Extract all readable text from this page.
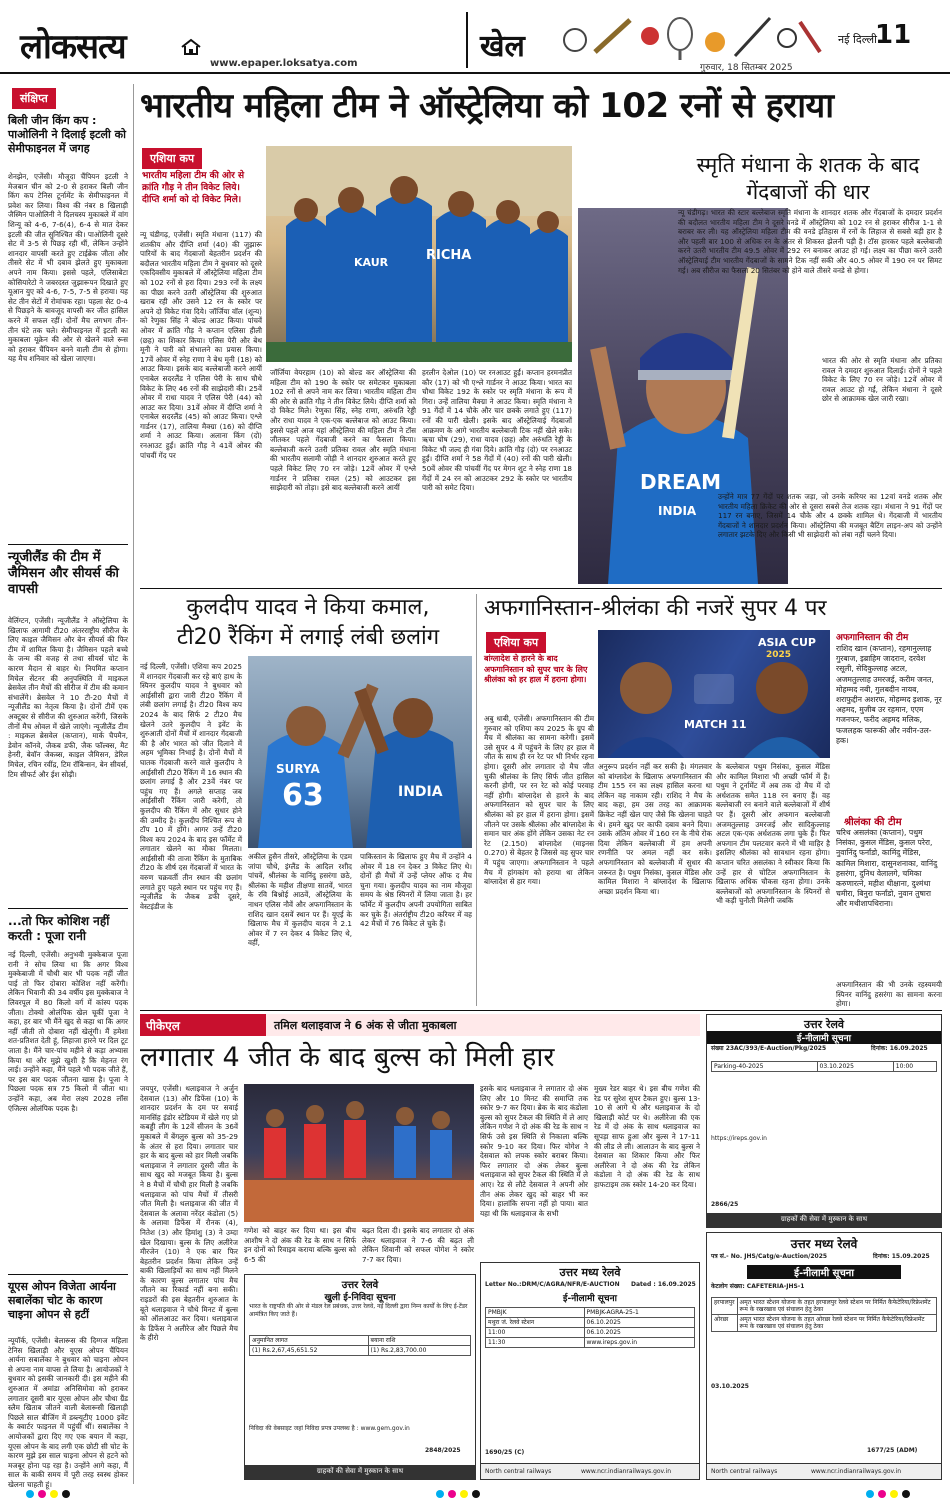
लोकसत्य	www.epaper.loksatya.com	खेल	नई दिल्ली
11
गुरुवार, 18 सितम्बर 2025
संक्षिप्त
बिली जीन किंग कप : पाओलिनी ने दिलाई इटली को सेमीफाइनल में जगह
शेनझेन, एजेंसी। मौजूदा चैंपियन इटली ने मेजबान चीन को 2-0 से हराकर बिली जीन किंग कप टेनिस टूर्नामेंट के सेमीफाइनल में प्रवेश कर लिया। विश्व की नंबर 8 खिलाड़ी जैस्मिन पाओलिनी ने दिलचस्प मुकाबले में वांग शिन्यू को 4-6, 7-6(4), 6-4 से मात देकर इटली की जीत सुनिश्चित की। पाओलिनी दूसरे सेट में 3-5 से पिछड़ रही थीं, लेकिन उन्होंने शानदार वापसी करते हुए टाईब्रेक जीता और तीसरे सेट में भी दबाव झेलते हुए मुकाबला अपने नाम किया। इससे पहले, एलिसाबेटा कोसियारेटो ने जबरदस्त जुझारूपन दिखाते हुए यूआन युए को 4-6, 7-5, 7-5 से हराया। यह सेट तीन सेटों में रोमांचक रहा। पहला सेट 0-4 से पिछड़ने के बावजूद वापसी कर जीत हासिल करने में सफल रहीं। दोनों मैच लगभग तीन-तीन घंटे तक चले। सेमीफाइनल में इटली का मुकाबला यूक्रेन की ओर से खेलने वाले रूस को हराकर चैंपियन बनने वाली टीम से होगा। यह मैच शनिवार को खेला जाएगा।
न्यूजीलैंड की टीम में जैमिसन और सीयर्स की वापसी
वेलिंग्टन, एजेंसी। न्यूजीलैंड ने ऑस्ट्रेलिया के खिलाफ आगामी टी20 अंतरराष्ट्रीय सीरीज के लिए काइल जैमिसन और बेन सीयर्स की फिर टीम में शामिल किया है। जैमिसन पहले बच्चे के जन्म की वजह से तथा सीयर्स चोट के कारण मैदान से बाहर थे। नियमित कप्तान मिचेल सेंटनर की अनुपस्थिति में माइकल ब्रेसवेल तीन मैचों की सीरीज में टीम की कमान संभालेंगे। ब्रेसवेल ने 10 टी-20 मैचों में न्यूजीलैंड का नेतृत्व किया है। दोनों टीमें एक अक्टूबर से सीरीज की शुरुआत करेंगी, जिसके तीनों मैच ओवल में खेले जाएंगे। न्यूजीलैंड टीम : माइकल ब्रेसवेल (कप्तान), मार्क चैपमैन, डेवोन कॉनवे, जैकब डफी, जैक फॉल्क्स, मैट हेनरी, बेवॉन जैकब्स, काइल जैमिसन, डेरिल मिचेल, रचिन रवींद्र, टिम रॉबिन्सन, बेन सीयर्स, टिम सीफर्ट और ईश सोढ़ी।
...तो फिर कोशिश नहीं करती : पूजा रानी
नई दिल्ली, एजेंसी। अनुभवी मुक्केबाज पूजा रानी ने सोच लिया था कि अगर विश्व मुक्केबाजी में चौथी बार भी पदक नहीं जीत पाई तो फिर दोबारा कोशिश नहीं करेंगी। लेकिन भिवानी की 34 वर्षीय इस मुक्केबाज ने लिवरपूल में 80 किलो वर्ग में कांस्य पदक जीता। टोक्यो ओलंपिक खेल चूकीं पूजा ने कहा, हर बार भी मैंने खुद से कहा था कि अगर नहीं जीती तो दोबारा नहीं खेलूंगी। मैं हमेशा शत-प्रतिशत देती हूं, लिहाजा हारने पर दिल टूट जाता है। मैंने चार-पांच महीने से कड़ा अभ्यास किया था और मुझे खुशी है कि मेहनत रंग लाई। उन्होंने कहा, मैंने पहले भी पदक जीते हैं, पर इस बार पदक जीतना खास है। पूजा ने पिछला पदक सत्र 75 किलो में जीता था। उन्होंने कहा, अब मेरा लक्ष्य 2028 लॉस एंजिल्स ओलंपिक पदक है।
यूएस ओपन विजेता आर्यना सबालेंका चोट के कारण चाइना ओपन से हटीं
न्यूयॉर्क, एजेंसी। बेलारूस की दिग्गज महिला टेनिस खिलाड़ी और यूएस ओपन चैंपियन आर्यना सबालेंका ने बुधवार को चाइना ओपन से अपना नाम वापस ले लिया है। आयोजकों ने बुधवार को इसकी जानकारी दी। इस महीने की शुरुआत में अमांडा अनिसिमोवा को हराकर लगातार दूसरी बार यूएस ओपन और चौथा ग्रैंड स्लैम खिताब जीतने वाली बेलारूसी खिलाड़ी पिछले साल बीजिंग में डब्ल्यूटीए 1000 इवेंट के क्वार्टर फाइनल में पहुंचीं थीं। सबालेंका ने आयोजकों द्वारा दिए गए एक बयान में कहा, यूएस ओपन के बाद लगी एक छोटी सी चोट के कारण मुझे इस साल चाइना ओपन से हटने को मजबूर होना पड़ रहा है। उन्होंने आगे कहा, मैं साल के बाकी समय में पूरी तरह स्वस्थ होकर खेलना चाहती हूं।
भारतीय महिला टीम ने ऑस्ट्रेलिया को 102 रनों से हराया
एशिया कप
भारतीय महिला टीम की ओर से क्रांति गौड़ ने तीन विकेट लिये। दीप्ति शर्मा को दो विकेट मिले।
KAUR	RICHA
न्यू चंडीगढ़, एजेंसी। स्मृति मंधाना (117) की शतकीय और दीप्ति शर्मा (40) की जुझारू पारियों के बाद गेंदबाजों बेहतरीन प्रदर्शन की बदौलत भारतीय महिला टीम ने बुधवार को दूसरे एकदिवसीय मुकाबले में ऑस्ट्रेलिया महिला टीम को 102 रनों से हरा दिया। 293 रनों के लक्ष्य का पीछा करने उतरी ऑस्ट्रेलिया की शुरुआत खराब रही और उसने 12 रन के स्कोर पर अपने दो विकेट गंवा दिये। जॉर्जिया वॉल (शून्य) को रेणुका सिंह ने बोल्ड आउट किया। पांचवें ओवर में क्रांति गौड़ ने कप्तान एलिसा हीली (छह) का शिकार किया। एलिस पेरी और बेथ मूनी ने पारी को संभालने का प्रयास किया। 17वें ओवर में स्नेह राणा ने बेथ मूनी (18) को आउट किया। इसके बाद बल्लेबाजी करने आयीं एनाबेल सदरलैंड ने एलिस पेरी के साथ चौथे विकेट के लिए 46 रनों की साझेदारी की। 25वें ओवर में राधा यादव ने एलिस पेरी (44) को आउट कर दिया। 31वें ओवर में दीप्ति शर्मा ने एनाबेल सदरलैंड (45) को आउट किया। एश्ले गार्डनर (17), तालिया मैक्ग्रा (16) को दीप्ति शर्मा ने आउट किया। अलाना किंग (दो) रनआउट हुईं। क्रांति गौड़ ने 41वें ओवर की पांचवीं गेंद पर
जॉर्जिया वेयरहाम (10) को बोल्ड कर ऑस्ट्रेलिया की महिला टीम को 190 के स्कोर पर समेटकर मुकाबला 102 रनों से अपने नाम कर लिया। भारतीय महिला टीम की ओर से क्रांति गौड़ ने तीन विकेट लिये। दीप्ति शर्मा को दो विकेट मिले। रेणुका सिंह, स्नेह राणा, अरुंधति रेड्डी और राधा यादव ने एक-एक बल्लेबाज को आउट किया। इससे पहले आज यहां ऑस्ट्रेलिया की महिला टीम ने टॉस जीतकर पहले गेंदबाजी करने का फैसला किया। बल्लेबाजी करने उतरी प्रतिका रावल और स्मृति मंधाना की भारतीय सलामी जोड़ी ने शानदार शुरुआत करते हुए पहले विकेट लिए 70 रन जोड़े। 12वें ओवर में एश्ले गार्डनर ने प्रतिका रावल (25) को आउटकर इस साझेदारी को तोड़ा। इसे बाद बल्लेबाजी करने आयीं
हरलीन देओल (10) पर रनआउट हुईं। कप्तान हरमनप्रीत कौर (17) को भी एश्ले गार्डनर ने आउट किया। भारत का चौथा विकेट 192 के स्कोर पर स्मृति मंधाना के रूप में गिरा। उन्हें तालिया मैक्ग्रा ने आउट किया। स्मृति मंधाना ने 91 गेंदों में 14 चौके और चार छक्के लगाते हुए (117) रनों की पारी खेली। इसके बाद ऑस्ट्रेलियाई गेंदबाजों आक्रमण के आगे भारतीय बल्लेबाजी टिक नहीं खेले सके। ऋचा घोष (29), राधा यादव (छह) और अरुंधति रेड्डी के विकेट भी जल्द ही गंवा दिये। क्रांति गौड़ (दो) पर रनआउट हुईं। दीप्ति शर्मा ने 58 गेंदों में (40) रनों की पारी खेली। 50वें ओवर की पांचवीं गेंद पर मेगन शुट ने स्नेह राणा 18 गेंदों में 24 रन को आउटकर 292 के स्कोर पर भारतीय पारी को समेट दिया।
स्मृति मंधाना के शतक के बाद गेंदबाजों की धार
DREAM
INDIA
न्यू चंडीगढ़। भारत की स्टार बल्लेबाज स्मृति मंधाना के शानदार शतक और गेंदबाजों के दमदार प्रदर्शन की बदौलत भारतीय महिला टीम ने दूसरे वनडे में ऑस्ट्रेलिया को 102 रन से हराकर सीरीज 1-1 से बराबर कर ली। यह ऑस्ट्रेलिया महिला टीम की वनडे इतिहास में रनों के लिहाज से सबसे बड़ी हार है और पहली बार 100 से अधिक रन के अंतर से शिकस्त झेलनी पड़ी है। टॉस हारकर पहले बल्लेबाजी करने उतरी भारतीय टीम 49.5 ओवर में 292 रन बनाकर आउट हो गई। लक्ष्य का पीछा करने उतरी ऑस्ट्रेलियाई टीम भारतीय गेंदबाजों के सामने टिक नहीं सकी और 40.5 ओवर में 190 रन पर सिमट गई। अब सीरीज का फैसला 20 सितंबर को होने वाले तीसरे वनडे से होगा।
भारत की ओर से स्मृति मंधाना और प्रतिका रावल ने दमदार शुरुआत दिलाई। दोनों ने पहले विकेट के लिए 70 रन जोड़े। 12वें ओवर में रावल आउट हो गईं, लेकिन मंधाना ने दूसरे छोर से आक्रामक खेल जारी रखा।
उन्होंने मात्र 77 गेंदों पर शतक जड़ा, जो उनके करियर का 12वां वनडे शतक और भारतीय महिला क्रिकेट की ओर से दूसरा सबसे तेज शतक रहा। मंधाना ने 91 गेंदों पर 117 रन बनाए, जिसमें 14 चौके और 4 छक्के शामिल थे। गेंदबाजी में भारतीय गेंदबाजों ने शानदार प्रदर्शन किया। ऑस्ट्रेलिया की मजबूत बैटिंग लाइन-अप को उन्होंने लगातार झटके दिए और किसी भी साझेदारी को लंबा नहीं चलने दिया।
कुलदीप यादव ने किया कमाल,
टी20 रैंकिंग में लगाई लंबी छलांग
SURYA
63	INDIA
नई दिल्ली, एजेंसी। एशिया कप 2025 में शानदार गेंदबाजी कर रहे बाएं हाथ के स्पिनर कुलदीप यादव ने बुधवार को आईसीसी द्वारा जारी टी20 रैंकिंग में लंबी छलांग लगाई है। टी20 विश्व कप 2024 के बाद सिर्फ 2 टी20 मैच खेलने उतरे कुलदीप ने इवेंट के शुरुआती दोनों मैचों में शानदार गेंदबाजी की है और भारत को जीत दिलाने में अहम भूमिका निभाई है। दोनों मैचों में घातक गेंदबाजी करने वाले कुलदीप ने आईसीसी टी20 रैंकिंग में 16 स्थान की छलांग लगाई है और 23वें नंबर पर पहुंच गए हैं। अगले सप्ताह जब आईसीसी रैंकिंग जारी करेगी, तो कुलदीप की रैंकिंग में और सुधार होने की उम्मीद है। कुलदीप निश्चित रूप से टॉप 10 में होंगे। आगर उन्हें टी20 विश्व कप 2024 के बाद इस फॉर्मेट में लगातार खेलने का मौका मिलता। आईसीसी की ताजा रैंकिंग के मुताबिक टी20 के शीर्ष दस गेंदबाजों में भारत के वरुण चक्रवर्ती तीन स्थान की छलांग लगाते हुए पहले स्थान पर पहुंच गए हैं। न्यूजीलैंड के जैकब डफी दूसरे, वेस्टइंडीज के
अकील हुसैन तीसरे, ऑस्ट्रेलिया के एडम जांपा चौथे, इंग्लैंड के आदिल रशीद पांचवें, श्रीलंका के वानिंदु हसरंगा छठे, श्रीलंका के महीश तीक्षणा सातवें, भारत के रवि बिश्नोई आठवें, ऑस्ट्रेलिया के नाथन एलिस नौवें और अफगानिस्तान के राशिद खान दसवें स्थान पर हैं। यूएई के खिलाफ मैच में कुलदीप यादव ने 2.1 ओवर में 7 रन देकर 4 विकेट लिए थे, वहीं,
पाकिस्तान के खिलाफ हुए मैच में उन्होंने 4 ओवर में 18 रन देकर 3 विकेट लिए थे। दोनों ही मैचों में उन्हें प्लेयर ऑफ द मैच चुना गया। कुलदीप यादव का नाम मौजूदा समय के श्रेष्ठ स्पिनरों में लिया जाता है। हर फॉर्मेट में कुलदीप अपनी उपयोगिता साबित कर चुके हैं। अंतर्राष्ट्रीय टी20 करियर में वह 42 मैचों में 76 विकेट ले चुके हैं।
अफगानिस्तान-श्रीलंका की नजरें सुपर 4 पर
एशिया कप
बांग्लादेश से हारने के बाद अफगानिस्तान को सुपर चार के लिए श्रीलंका को हर हाल में हराना होगा।
ASIA CUP
2025
MATCH 11
अबु धाबी, एजेंसी। अफगानिस्तान की टीम गुरुवार को एशिया कप 2025 के ग्रुप बी मैच में श्रीलंका का सामना करेगी। इसमें उसे सुपर 4 में पहुंचने के लिए हर हाल में जीत के साथ ही रन रेट पर भी निर्भर रहना होगा। दूसरी ओर लगातार दो मैच जीत चुकी श्रीलंका के लिए सिर्फ जीत हासिल करनी होगी, पर रन रेट को कोई परवाह नहीं होगी। बांग्लादेश से हारने के बाद अफगानिस्तान को सुपर चार के लिए श्रीलंका को हर हाल में हराना होगा। इसमें जीतने पर उसके श्रीलंका और बांग्लादेश के समान चार अंक होंगे लेकिन उसका नेट रन रेट (2.150) बांग्लादेश (माइनस 0.270) से बेहतर है जिससे वह सुपर चार में पहुंच जाएगा। अफगानिस्तान ने पहले मैच में हांगकांग को हराया था लेकिन बांग्लादेश से हार गया।
अनुरूप प्रदर्शन नहीं कर सकी है। मंगलवार को बांग्लादेश के खिलाफ अफगानिस्तान की टीम 155 रन का लक्ष्य हासिल करना था लेकिन वह नाकाम रही। राशिद ने मैच के बाद कहा, हम उस तरह का आक्रामक क्रिकेट नहीं खेल पाए जैसे कि खेलना चाहते थे। हमने खुद पर काफी दबाव बनने दिया। उसके अंतिम ओवर में 160 रन के नीचे रोक दिया लेकिन बल्लेबाजी में हम अपनी रणनीति पर अमल नहीं कर सके। अफगानिस्तान को बल्लेबाजी में सुधार की जरूरत है। पथुम निसंका, कुसल मेंडिस और कामिल मिशारा ने बांग्लादेश के खिलाफ अच्छा प्रदर्शन किया था।
के बल्लेबाज पथुम निसंका, कुसल मेंडिस और कामिल मिशारा भी अच्छी फॉर्म में हैं। पथुम ने टूर्नामेंट में अब तक दो मैच में दो अर्धशतक समेत 118 रन बनाए हैं। वह बल्लेबाजी रन बनाने वाले बल्लेबाजों में शीर्ष पर हैं। दूसरी ओर अफगान बल्लेबाजी अजमतुल्लाह उमरजई और सादिकुल्लाह अटल एक-एक अर्धशतक लगा चुके हैं। फिर अफगान टीम पलटवार करने में भी माहिर है इसलिए श्रीलंका को सावधान रहना होगा। कप्तान चरित असलंका ने स्वीकार किया कि उन्हें हार से चोटिल अफगानिस्तान के खिलाफ अधिक चौकस रहना होगा। उनके बल्लेबाजों को अफगानिस्तान के स्पिनरों से भी कड़ी चुनौती मिलेगी जबकि
अफगानिस्तान की टीम
राशिद खान (कप्तान), रहमानुल्लाह गुरबाज, इब्राहिम जादरान, दरवेश रसूली, सेदिकुल्लाह अटल, अजमतुल्लाह उमरजई, करीम जनत, मोहम्मद नबी, गुलबदीन नायब, शराफुद्दीन अशरफ, मोहम्मद इशाक, नूर अहमद, मुजीब उर रहमान, एएम गजनफर, फरीद अहमद मलिक, फजलहक फारूकी और नवीन-उल-हक।
श्रीलंका की टीम
चरिथ असलंका (कप्तान), पथुम निसंका, कुसल मेंडिस, कुसल परेरा, नुवानिंदु फर्नांडो, कामिंदु मेंडिस, कामिल मिशारा, दासुनशनाका, वानिंदु हसरंगा, दुनिथ वेलालगे, चमिका करुणारत्ने, महीश थीक्षाना, दुश्मंथा चमीरा, बिनुरा फर्नांडो, नुवान तुषारा और मथीशापथिराना।
अफगानिस्तान की भी उनके रहस्यमयी स्पिनर वानिंदु हसरंगा का सामना करना होगा।
पीकेएल	तमिल थलाइवाज ने 6 अंक से जीता मुकाबला
लगातार 4 जीत के बाद बुल्स को मिली हार
जयपुर, एजेंसी। थलाइवाज ने अर्जुन देसवाल (13) और डिफेंस (10) के शानदार प्रदर्शन के दम पर सवाई मानसिंह इंडोर स्टेडियम में खेले गए प्रो कबड्डी लीग के 12वें सीजन के 36वें मुकाबले में बेंगलुरु बुल्स को 35-29 के अंतर से हरा दिया। लगातार चार हार के बाद बुल्स को हार मिली जबकि थलाइवाज ने लगातार दूसरी जीत के साथ खुद को मजबूत किया है। बुल्स ने 8 मैचों में चौथी हार मिली है जबकि थलाइवाज को पांच मैचों में तीसरी जीत मिली है। थलाइवाज की जीत में देसवाल के अलावा नरेंदर कंडोला (5) के अलावा डिफेंस में रौनक (4), नितेश (3) और हिमांशु (3) ने उम्दा खेल दिखाया। बुल्स के लिए अलीरेज मीरजेन (10) ने एक बार फिर बेहतरीन प्रदर्शन किया लेकिन उन्हें बाकी खिलाड़ियों का साथ नहीं मिलने के कारण बुल्स लगातार पांच मैच जीतने का रिकार्ड नहीं बना सकी। राइडरों की इस बेहतरीन शुरुआत के बूते थलाइवाज ने चौथे मिनट में बुल्स को ऑलआउट कर दिया। थलाइवाज के डिफेंस ने अलीरेज और पिछले मैच के हीरो
गणेश को बाहर कर दिया था। इस बीच आशीष ने दो अंक की रेड के साथ न सिर्फ इन दोनों को रिवाइव कराया बल्कि बुल्स को 6-5 की
बढ़त दिला दी। इसके बाद लगातार दो अंक लेकर थलाइवाज ने 7-6 की बढ़त ली लेकिन शिवानी को सफल योगेश ने स्कोर 7-7 कर दिया।
इसके बाद थलाइवाज ने लगातार दो अंक लिए और 10 मिनट की समाप्ति तक स्कोर 9-7 कर दिया। ब्रेक के बाद कंडोला बुल्स को सुपर टैकल की स्थिति में ले आए लेकिन गणेश ने दो अंक की रेड के साथ न सिर्फ उसे इस स्थिति से निकाला बल्कि स्कोर 9-10 कर दिया। फिर योगेश ने देसवाल को लपक स्कोर बराबर किया। फिर लगातार दो अंक लेकर बुल्स थलाइवाज को सुपर टैकल की स्थिति में ले आए। रेड से लौटे देसवाल ने अपनी ओर तीन अंक लेकर खुद को बाहर भी कर दिया। हालांकि सपना नहीं हो पाया। बात यहा थी कि थलाइवाज के सभी
मुख्य रेडर बाहर थे। इस बीच गणेश की रेड पर सुरेश सुपर टैकल हुए। बुल्स 13-10 से आगे थे और थलाइवाज के दो खिलाड़ी कोर्ट पर थे। अलीरेजा की एक रेड में दो अंक के साथ थलाइवाज का सूपड़ा साफ हुआ और बुल्स ने 17-11 की लीड ले ली। आलाउन के बाद बुल्स ने देसवाल का शिकार किया और फिर अलीरेजा ने दो अंक की रेड लेकिन कंडोला ने दो अंक की रेड के साथ हाफटाइम तक स्कोर 14-20 कर दिया।
उत्तर रेलवे
खुली ई-निविदा सूचना
भारत के राष्ट्रपति की ओर से मंडल रेल प्रबंधक, उत्तर रेलवे, नई दिल्ली द्वारा निम्न कार्यों के लिए ई-टेंडर आमंत्रित किए जाते हैं।
अनुमानित लागत	बयाना राशि
(1) Rs.2,67,45,651.52	(1) Rs.2,83,700.00
निविदा की वेबसाइट जहां निविदा प्रपत्र उपलब्ध है : www.gem.gov.in
2848/2025
ग्राहकों की सेवा में मुस्कान के साथ
उत्तर मध्य रेलवे
Letter No.:DRM/C/AGRA/NFR/E-AUCTION Dated : 16.09.2025
ई-नीलामी सूचना
PMBJK	PMBJK-AGRA-25-1
मथुरा जं. रेलवे स्टेशन	06.10.2025
11:00	06.10.2025
11:30	www.ireps.gov.in
1690/25 (C)
North central railways	www.ncr.indianrailways.gov.in
उत्तर रेलवे
ई-नीलामी सूचना
संख्या 23AC/393/E-Auction/Pkg/2025	दिनांक: 16.09.2025
Parking-40-2025	03.10.2025	10:00
https://ireps.gov.in
2866/25
ग्राहकों की सेवा में मुस्कान के साथ
उत्तर मध्य रेलवे
पत्र सं.- No. JHS/Catg/e-Auction/2025	दिनांक: 15.09.2025
ई-नीलामी सूचना
केटलोग संख्या: CAFETERIA-JHS-1
हरपालपुर	अमृत भारत स्टेशन योजना के तहत हरपालपुर रेलवे स्टेशन पर निर्मित कैफेटेरिया/रिफ्रेशमेंट रूम के रखरखाव एवं संचालन हेतु ठेका
ओरछा	अमृत भारत स्टेशन योजना के तहत ओरछा रेलवे स्टेशन पर निर्मित कैफेटेरिया/रिफ्रेशमेंट रूम के रखरखाव एवं संचालन हेतु ठेका
03.10.2025
1677/25 (ADM)
North central railways	www.ncr.indianrailways.gov.in
